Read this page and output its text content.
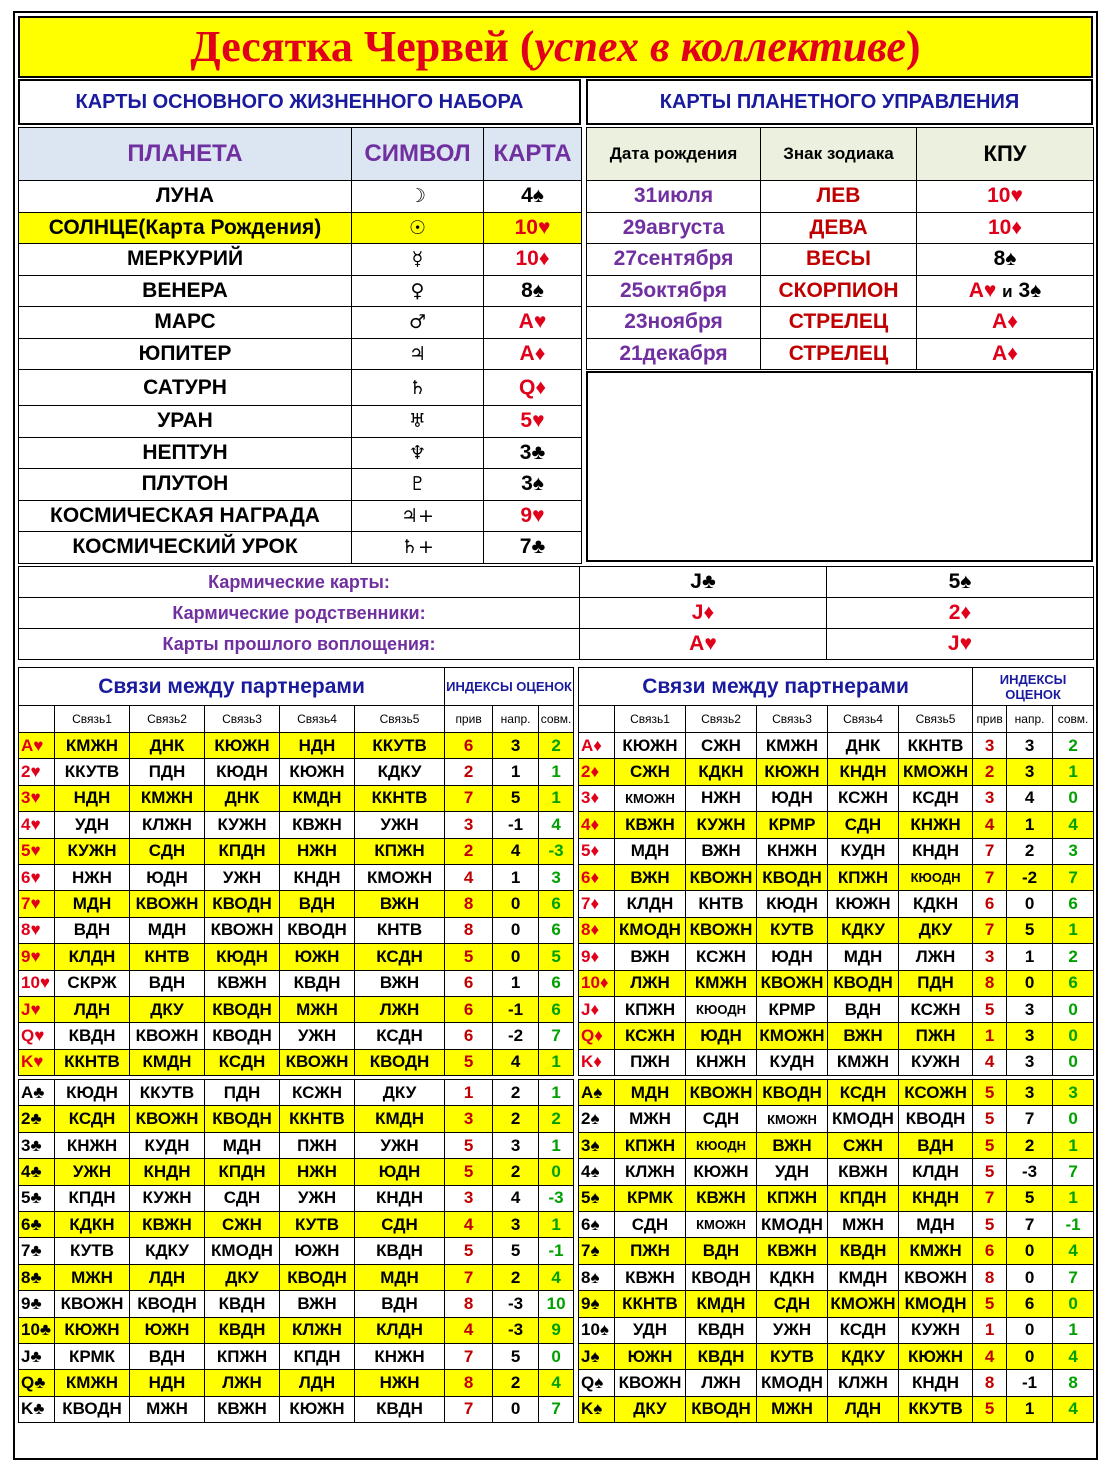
Десятка Червей (успех в коллективе)
КАРТЫ ОСНОВНОГО ЖИЗНЕННОГО НАБОРА	КАРТЫ ПЛАНЕТНОГО УПРАВЛЕНИЯ
ПЛАНЕТА	СИМВОЛ	КАРТА
ЛУНА	☽	4♠
СОЛНЦЕ(Карта Рождения)	☉	10♥
МЕРКУРИЙ	☿	10♦
ВЕНЕРА	♀	8♠
МАРС	♂	A♥
ЮПИТЕР	♃	A♦
САТУРН	♄	Q♦
УРАН	♅	5♥
НЕПТУН	♆	3♣
ПЛУТОН	♇	3♠
КОСМИЧЕСКАЯ НАГРАДА	♃+	9♥
КОСМИЧЕСКИЙ УРОК	♄+	7♣
Дата рождения	Знак зодиака	КПУ
31июля	ЛЕВ	10♥
29августа	ДЕВА	10♦
27сентября	ВЕСЫ	8♠
25октября	СКОРПИОН	A♥ и 3♠
23ноября	СТРЕЛЕЦ	A♦
21декабря	СТРЕЛЕЦ	A♦
Кармические карты:	J♣	5♠
Кармические родственники:	J♦	2♦
Карты прошлого воплощения:	A♥	J♥
Связи между партнерами						ИНДЕКСЫ ОЦЕНОК		
	Связь1	Связь2	Связь3	Связь4	Связь5	прив	напр.	совм.
A♥	КМЖН	ДНК	КЮЖН	НДН	ККУТВ	6	3	2
2♥	ККУТВ	ПДН	КЮДН	КЮЖН	КДКУ	2	1	1
3♥	НДН	КМЖН	ДНК	КМДН	ККНТВ	7	5	1
4♥	УДН	КЛЖН	КУЖН	КВЖН	УЖН	3	-1	4
5♥	КУЖН	СДН	КПДН	НЖН	КПЖН	2	4	-3
6♥	НЖН	ЮДН	УЖН	КНДН	КМОЖН	4	1	3
7♥	МДН	КВОЖН	КВОДН	ВДН	ВЖН	8	0	6
8♥	ВДН	МДН	КВОЖН	КВОДН	КНТВ	8	0	6
9♥	КЛДН	КНТВ	КЮДН	ЮЖН	КСДН	5	0	5
10♥	СКРЖ	ВДН	КВЖН	КВДН	ВЖН	6	1	6
J♥	ЛДН	ДКУ	КВОДН	МЖН	ЛЖН	6	-1	6
Q♥	КВДН	КВОЖН	КВОДН	УЖН	КСДН	6	-2	7
K♥	ККНТВ	КМДН	КСДН	КВОЖН	КВОДН	5	4	1

A♣	КЮДН	ККУТВ	ПДН	КСЖН	ДКУ	1	2	1
2♣	КСДН	КВОЖН	КВОДН	ККНТВ	КМДН	3	2	2
3♣	КНЖН	КУДН	МДН	ПЖН	УЖН	5	3	1
4♣	УЖН	КНДН	КПДН	НЖН	ЮДН	5	2	0
5♣	КПДН	КУЖН	СДН	УЖН	КНДН	3	4	-3
6♣	КДКН	КВЖН	СЖН	КУТВ	СДН	4	3	1
7♣	КУТВ	КДКУ	КМОДН	ЮЖН	КВДН	5	5	-1
8♣	МЖН	ЛДН	ДКУ	КВОДН	МДН	7	2	4
9♣	КВОЖН	КВОДН	КВДН	ВЖН	ВДН	8	-3	10
10♣	КЮЖН	ЮЖН	КВДН	КЛЖН	КЛДН	4	-3	9
J♣	КРМК	ВДН	КПЖН	КПДН	КНЖН	7	5	0
Q♣	КМЖН	НДН	ЛЖН	ЛДН	НЖН	8	2	4
K♣	КВОДН	МЖН	КВЖН	КЮЖН	КВДН	7	0	7
Связи между партнерами						ИНДЕКСЫ ОЦЕНОК		
	Связь1	Связь2	Связь3	Связь4	Связь5	прив	напр.	совм.
A♦	КЮЖН	СЖН	КМЖН	ДНК	ККНТВ	3	3	2
2♦	СЖН	КДКН	КЮЖН	КНДН	КМОЖН	2	3	1
3♦	КМОЖН	НЖН	ЮДН	КСЖН	КСДН	3	4	0
4♦	КВЖН	КУЖН	КРМР	СДН	КНЖН	4	1	4
5♦	МДН	ВЖН	КНЖН	КУДН	КНДН	7	2	3
6♦	ВЖН	КВОЖН	КВОДН	КПЖН	КЮОДН	7	-2	7
7♦	КЛДН	КНТВ	КЮДН	КЮЖН	КДКН	6	0	6
8♦	КМОДН	КВОЖН	КУТВ	КДКУ	ДКУ	7	5	1
9♦	ВЖН	КСЖН	ЮДН	МДН	ЛЖН	3	1	2
10♦	ЛЖН	КМЖН	КВОЖН	КВОДН	ПДН	8	0	6
J♦	КПЖН	КЮОДН	КРМР	ВДН	КСЖН	5	3	0
Q♦	КСЖН	ЮДН	КМОЖН	ВЖН	ПЖН	1	3	0
K♦	ПЖН	КНЖН	КУДН	КМЖН	КУЖН	4	3	0

A♠	МДН	КВОЖН	КВОДН	КСДН	КСОЖН	5	3	3
2♠	МЖН	СДН	КМОЖН	КМОДН	КВОДН	5	7	0
3♠	КПЖН	КЮОДН	ВЖН	СЖН	ВДН	5	2	1
4♠	КЛЖН	КЮЖН	УДН	КВЖН	КЛДН	5	-3	7
5♠	КРМК	КВЖН	КПЖН	КПДН	КНДН	7	5	1
6♠	СДН	КМОЖН	КМОДН	МЖН	МДН	5	7	-1
7♠	ПЖН	ВДН	КВЖН	КВДН	КМЖН	6	0	4
8♠	КВЖН	КВОДН	КДКН	КМДН	КВОЖН	8	0	7
9♠	ККНТВ	КМДН	СДН	КМОЖН	КМОДН	5	6	0
10♠	УДН	КВДН	УЖН	КСДН	КУЖН	1	0	1
J♠	ЮЖН	КВДН	КУТВ	КДКУ	КЮЖН	4	0	4
Q♠	КВОЖН	ЛЖН	КМОДН	КЛЖН	КНДН	8	-1	8
K♠	ДКУ	КВОДН	МЖН	ЛДН	ККУТВ	5	1	4
